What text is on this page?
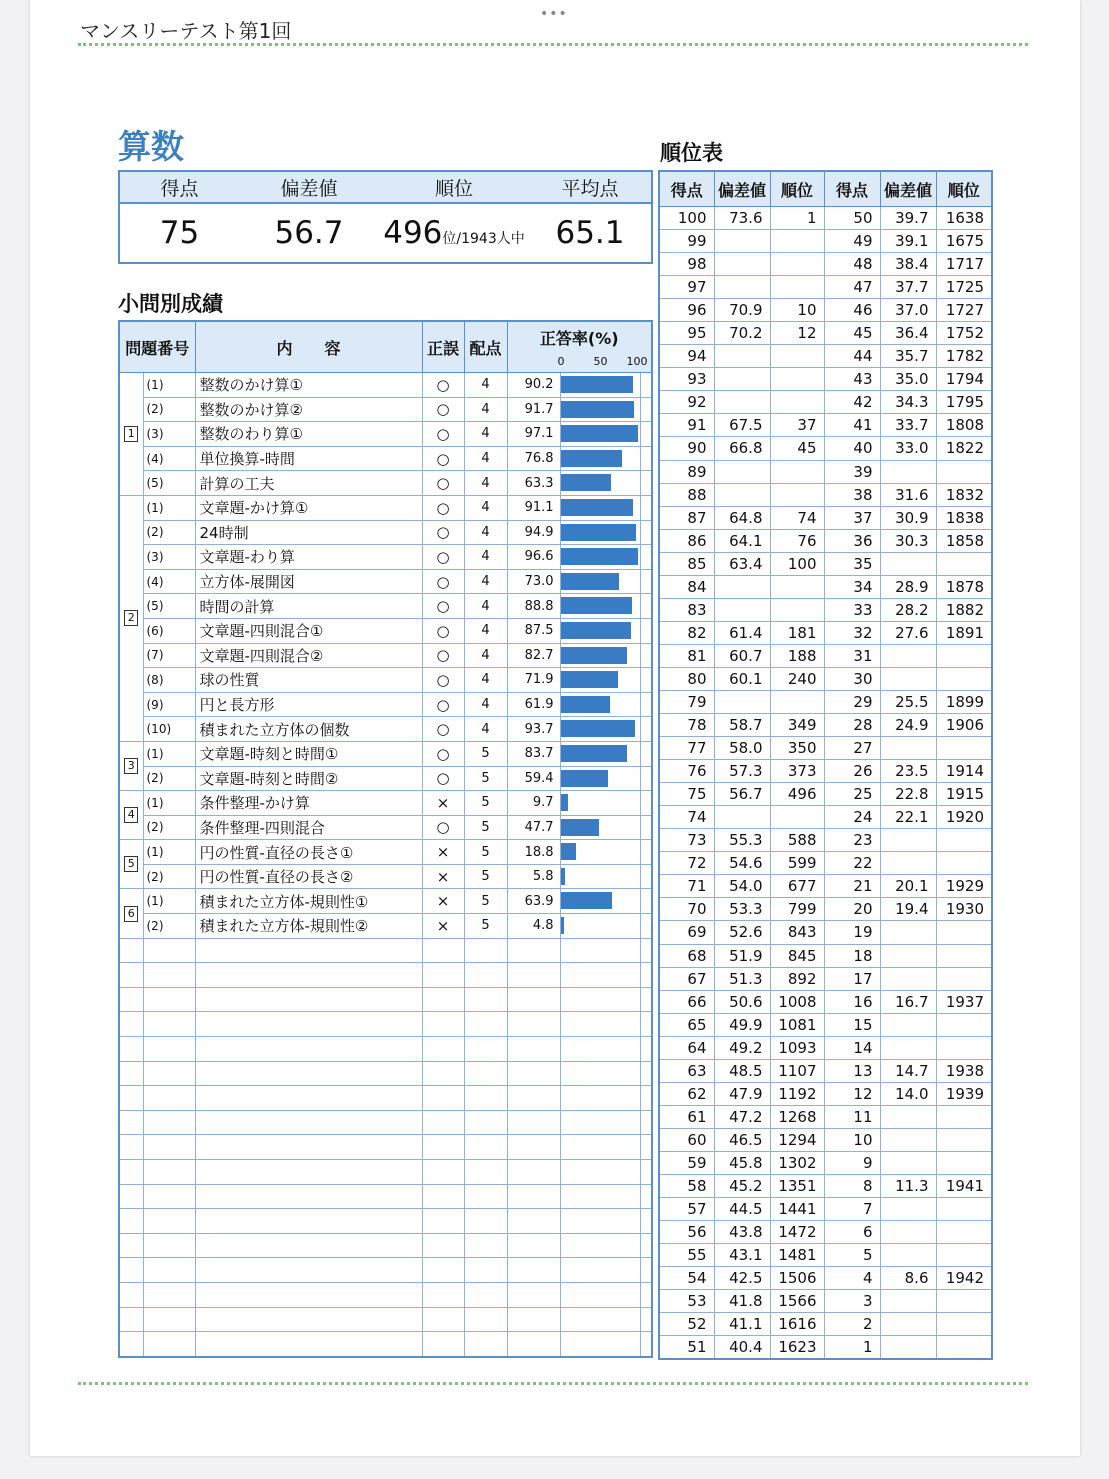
•••
マンスリーテスト第1回
算数
得点	偏差値	順位	平均点
75	56.7	496位/1943人中	65.1
小問別成績
問題番号		内　　容	正誤	配点	正答率(%)
0 50 100		

1	(1)	整数のかけ算①	○	4	90.2	

	(2)	整数のかけ算②	○	4	91.7	

	(3)	整数のわり算①	○	4	97.1	

	(4)	単位換算-時間	○	4	76.8	

	(5)	計算の工夫	○	4	63.3	

2	(1)	文章題-かけ算①	○	4	91.1	

	(2)	24時制	○	4	94.9	

	(3)	文章題-わり算	○	4	96.6	

	(4)	立方体-展開図	○	4	73.0	

	(5)	時間の計算	○	4	88.8	

	(6)	文章題-四則混合①	○	4	87.5	

	(7)	文章題-四則混合②	○	4	82.7	

	(8)	球の性質	○	4	71.9	

	(9)	円と長方形	○	4	61.9	

	(10)	積まれた立方体の個数	○	4	93.7	

3	(1)	文章題-時刻と時間①	○	5	83.7	

	(2)	文章題-時刻と時間②	○	5	59.4	

4	(1)	条件整理-かけ算	×	5	9.7	

	(2)	条件整理-四則混合	○	5	47.7	

5	(1)	円の性質-直径の長さ①	×	5	18.8	

	(2)	円の性質-直径の長さ②	×	5	5.8	

6	(1)	積まれた立方体-規則性①	×	5	63.9	

	(2)	積まれた立方体-規則性②	×	5	4.8	

順位表
得点	偏差値	順位	得点	偏差値	順位
100	73.6	1	50	39.7	1638
99			49	39.1	1675
98			48	38.4	1717
97			47	37.7	1725
96	70.9	10	46	37.0	1727
95	70.2	12	45	36.4	1752
94			44	35.7	1782
93			43	35.0	1794
92			42	34.3	1795
91	67.5	37	41	33.7	1808
90	66.8	45	40	33.0	1822
89			39		
88			38	31.6	1832
87	64.8	74	37	30.9	1838
86	64.1	76	36	30.3	1858
85	63.4	100	35		
84			34	28.9	1878
83			33	28.2	1882
82	61.4	181	32	27.6	1891
81	60.7	188	31		
80	60.1	240	30		
79			29	25.5	1899
78	58.7	349	28	24.9	1906
77	58.0	350	27		
76	57.3	373	26	23.5	1914
75	56.7	496	25	22.8	1915
74			24	22.1	1920
73	55.3	588	23		
72	54.6	599	22		
71	54.0	677	21	20.1	1929
70	53.3	799	20	19.4	1930
69	52.6	843	19		
68	51.9	845	18		
67	51.3	892	17		
66	50.6	1008	16	16.7	1937
65	49.9	1081	15		
64	49.2	1093	14		
63	48.5	1107	13	14.7	1938
62	47.9	1192	12	14.0	1939
61	47.2	1268	11		
60	46.5	1294	10		
59	45.8	1302	9		
58	45.2	1351	8	11.3	1941
57	44.5	1441	7		
56	43.8	1472	6		
55	43.1	1481	5		
54	42.5	1506	4	8.6	1942
53	41.8	1566	3		
52	41.1	1616	2		
51	40.4	1623	1		
